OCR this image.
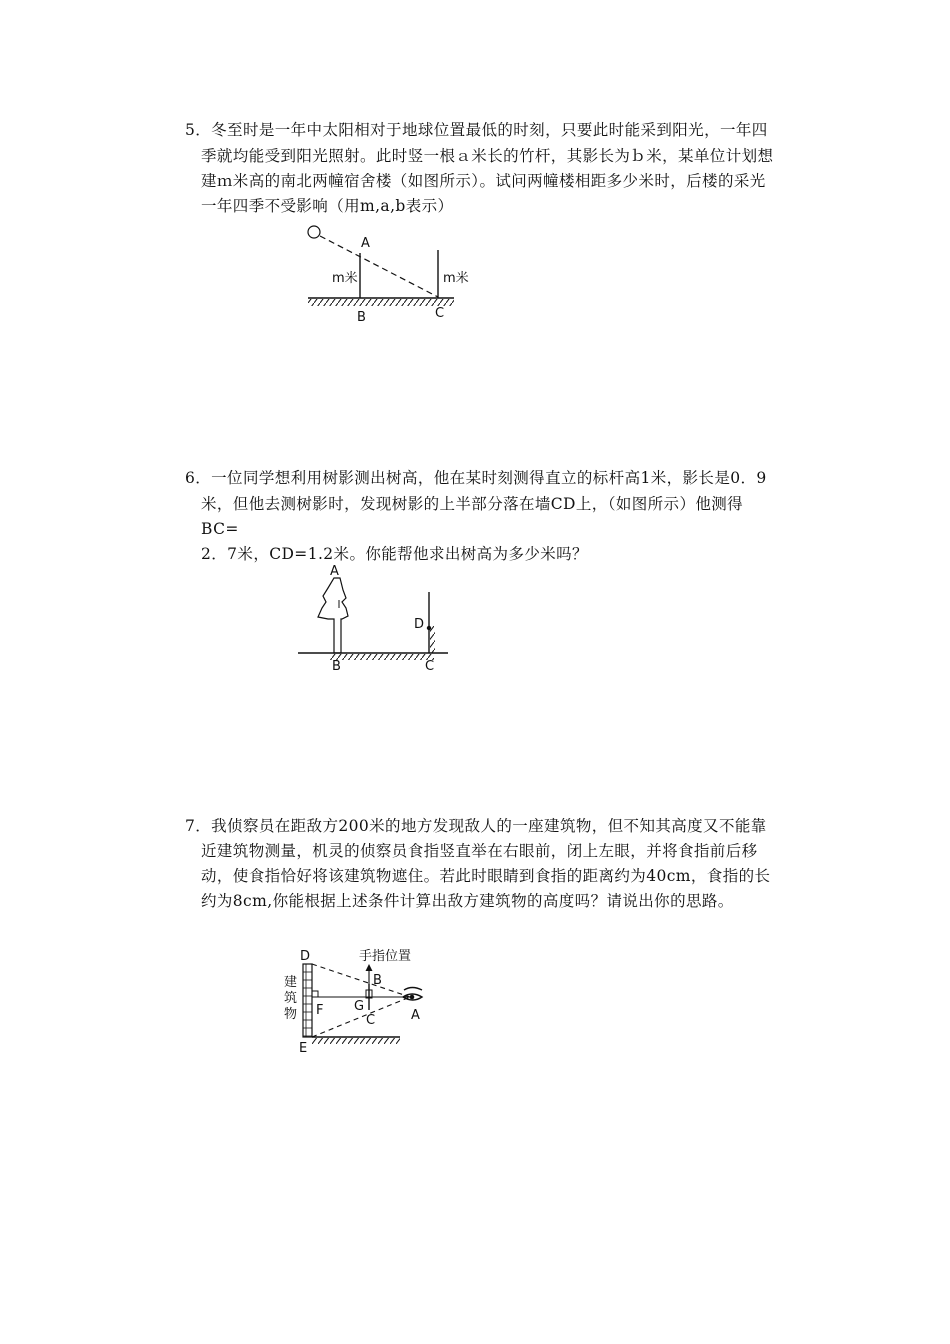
5．冬至时是一年中太阳相对于地球位置最低的时刻，只要此时能采到阳光，一年四
季就均能受到阳光照射。此时竖一根ａ米长的竹杆，其影长为ｂ米，某单位计划想
建ｍ米高的南北两幢宿舍楼（如图所示）。试问两幢楼相距多少米时，后楼的采光
一年四季不受影响（用m,a,b表示）
A
m米	m米
B	C
6．一位同学想利用树影测出树高，他在某时刻测得直立的标杆高1米，影长是0．9
米，但他去测树影时，发现树影的上半部分落在墙CD上，（如图所示）他测得
BC=
2．7米，CD=1.2米。你能帮他求出树高为多少米吗？
A
D
B	C
7．我侦察员在距敌方200米的地方发现敌人的一座建筑物，但不知其高度又不能靠
近建筑物测量，机灵的侦察员食指竖直举在右眼前，闭上左眼，并将食指前后移
动，使食指恰好将该建筑物遮住。若此时眼睛到食指的距离约为40cm，食指的长
约为8cm,你能根据上述条件计算出敌方建筑物的高度吗？请说出你的思路。
D	手指位置
B
建
筑
物 F G
C	A
E
